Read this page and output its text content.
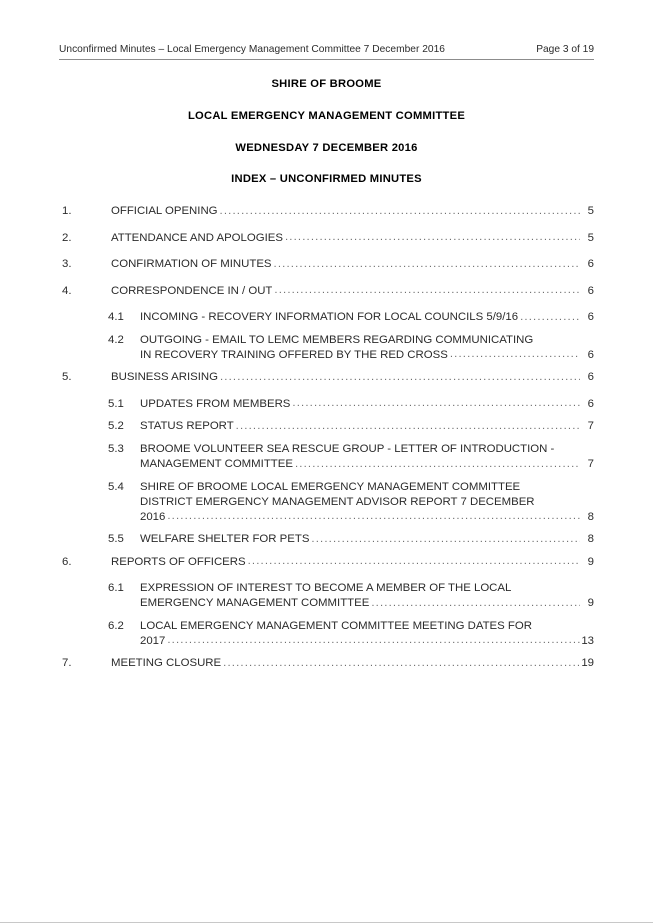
Unconfirmed Minutes – Local Emergency Management Committee 7 December 2016	Page 3 of 19
SHIRE OF BROOME
LOCAL EMERGENCY MANAGEMENT COMMITTEE
WEDNESDAY 7 DECEMBER 2016
INDEX – UNCONFIRMED MINUTES
1.	OFFICIAL OPENING .....	5
2.	ATTENDANCE AND APOLOGIES .....	5
3.	CONFIRMATION OF MINUTES .....	6
4.	CORRESPONDENCE IN / OUT .....	6
4.1	INCOMING - RECOVERY INFORMATION FOR LOCAL COUNCILS 5/9/16 .....	6
4.2	OUTGOING - EMAIL TO LEMC MEMBERS REGARDING COMMUNICATING
IN RECOVERY TRAINING OFFERED BY THE RED CROSS .....	6
5.	BUSINESS ARISING .....	6
5.1	UPDATES FROM MEMBERS .....	6
5.2	STATUS REPORT .....	7
5.3	BROOME VOLUNTEER SEA RESCUE GROUP - LETTER OF INTRODUCTION -
MANAGEMENT COMMITTEE .....	7
5.4	SHIRE OF BROOME LOCAL EMERGENCY MANAGEMENT COMMITTEE
DISTRICT EMERGENCY MANAGEMENT ADVISOR REPORT 7 DECEMBER
2016 .....	8
5.5	WELFARE SHELTER FOR PETS .....	8
6.	REPORTS OF OFFICERS .....	9
6.1	EXPRESSION OF INTEREST TO BECOME A MEMBER OF THE LOCAL
EMERGENCY MANAGEMENT COMMITTEE .....	9
6.2	LOCAL EMERGENCY MANAGEMENT COMMITTEE MEETING DATES FOR
2017 .....	13
7.	MEETING CLOSURE .....	19
